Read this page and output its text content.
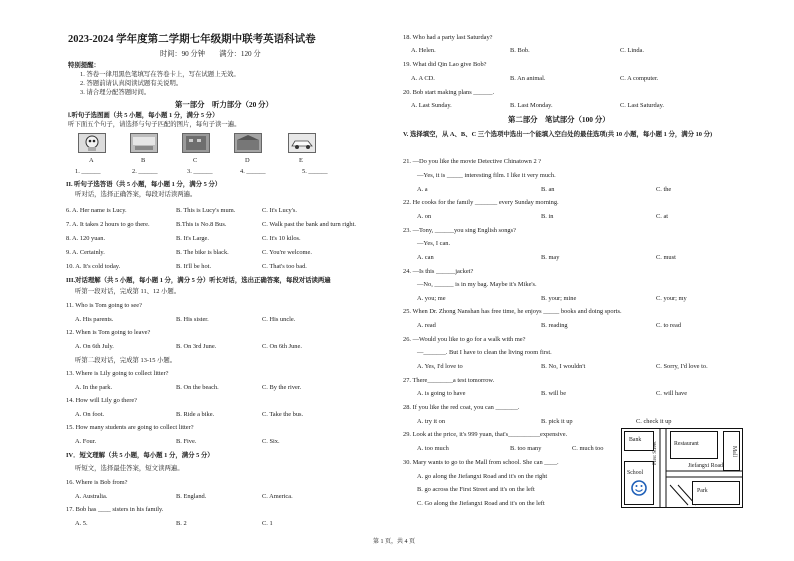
2023-2024 学年度第二学期七年级期中联考英语科试卷
时间：90 分钟　　满分：120 分
特别提醒：
1. 答卷一律用黑色笔填写在答卷卡上，写在试题上无效。
2. 答题前请认真阅读试题有关说明。
3. 请合理分配答题时间。
第一部分　听力部分（20 分）
Ⅰ.听句子选图画（共 5 小题，每小题 1 分，满分 5 分）
听下面五个句子，请选择与句子匹配的图片，每句子读一遍。
A	B	C	D	E
1. ______	2. ______	3. ______	4. ______	5. ______
II. 听句子选答语（共 5 小题，每小题 1 分，满分 5 分）
听对话，选择正确答案，每段对话读两遍。
6. A. Her name is Lucy.	B. This is Lucy's mum.	C. It's Lucy's.
7. A. It takes 2 hours to go there.	B.This is No.8 Bus.	C. Walk past the bank and turn right.
8. A. 120 yuan.	B. It's Large.	C. It's 10 kilos.
9. A. Certainly.	B. The bike is black.	C. You're welcome.
10. A. It's cold today.	B. It'll be hot.	C. That's too bad.
III.对话理解（共 5 小题，每小题 1 分，满分 5 分）听长对话，选出正确答案，每段对话读两遍
听第一段对话，完成第 11、12 小题。
11. Who is Tom going to see?
A. His parents.	B. His sister.	C. His uncle.
12. When is Tom going to leave?
A. On 6th July.	B. On 3rd June.	C. On 6th June.
听第二段对话，完成第 13-15 小题。
13. Where is Lily going to collect litter?
A. In the park.	B. On the beach.	C. By the river.
14. How will Lily go there?
A. On foot.	B. Ride a bike.	C. Take the bus.
15. How many students are going to collect litter?
A. Four.	B. Five.	C. Six.
IV．短文理解（共 5 小题，每小题 1 分，满分 5 分）
听短文，选择最佳答案，短文读两遍。
16. Where is Bob from?
A. Australia.	B. England.	C. America.
17. Bob has ____ sisters in his family.
A. 5.	B. 2	C. 1
18. Who had a party last Saturday?
A. Helen.	B. Bob.	C. Linda.
19. What did Qin Lao give Bob?
A. A CD.	B. An animal.	C. A computer.
20. Bob start making plans ______.
A. Last Sunday.	B. Last Monday.	C. Last Saturday.
第二部分　笔试部分（100 分）
V. 选择填空，从 A、B、C 三个选项中选出一个能填入空白处的最佳选项(共 10 小题，每小题 1 分，满分 10 分)
21. —Do you like the movie Detective Chinatown 2 ?
—Yes, it is _____ interesting film. I like it very much.
A. a	B. an	C. the
22. He cooks for the family _______ every Sunday morning.
A. on	B. in	C. at
23. —Tony, ______you sing English songs?
—Yes, I can.
A. can	B. may	C. must
24. —Is this ______jacket?
—No, ______ is in my bag. Maybe it's Mike's.
A. you; me	B. your; mine	C. your; my
25. When Dr. Zhong Nanshan has free time, he enjoys _____ books and doing sports.
A. read	B. reading	C. to read
26. —Would you like to go for a walk with me?
—_______. But I have to clean the living room first.
A. Yes, I'd love to	B. No, I wouldn't	C. Sorry, I'd love to.
27. There________a test tomorrow.
A. is going to have	B. will be	C. will have
28. If you like the red coat, you can _______.
A. try it on	B. pick it up	C. check it up
29. Look at the price, it's 999 yuan, that's__________expensive.
A. too much	B. too many	C. much too
30. Mary wants to go to the Mall from school. She can ____.
A. go along the Jiefangxi Road and it's on the right
B. go across the First Street and it's on the left
C. Go along the Jiefangxi Road and it's on the left
Bank
Restaurant
Mall
School
First Street
Jiefangxi Road
Park
第 1 页，共 4 页
